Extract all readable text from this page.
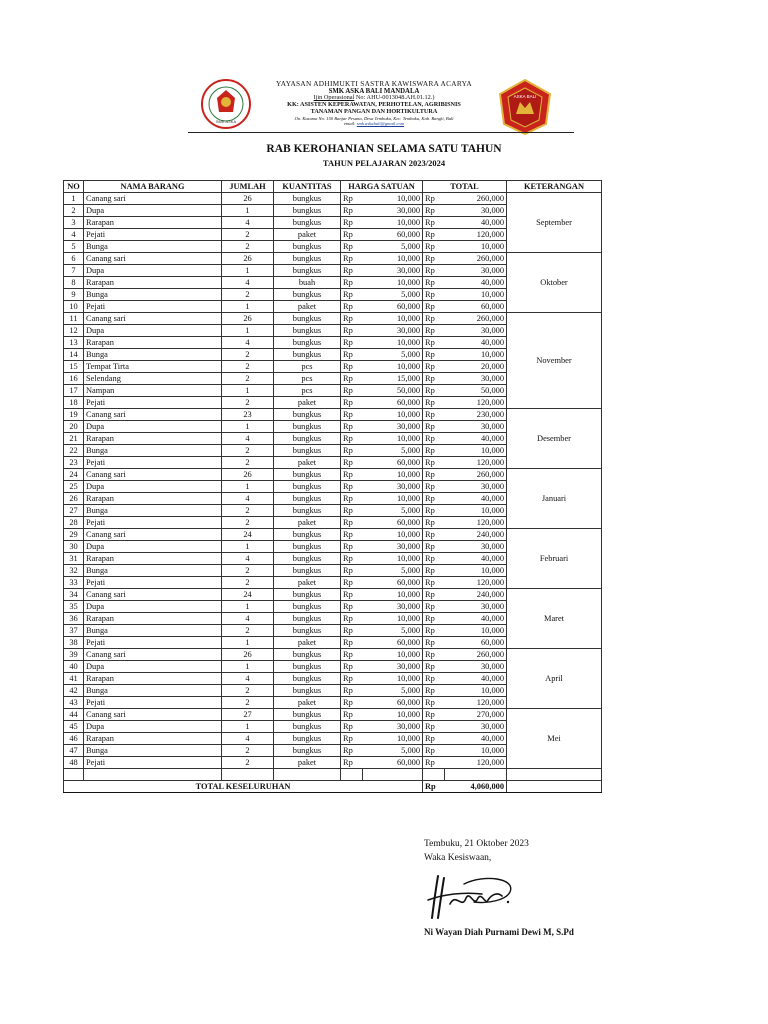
SMK ASKA
ASKA BALI
YAYASAN ADHIMUKTI SASTRA KAWISWARA ACARYA
SMK ASKA BALI MANDALA
Ijin Operasional No: AHU-0013048.AH.01.12.)
KK: ASISTEN KEPERAWATAN, PERHOTELAN, AGRIBISNIS
TANAMAN PANGAN DAN HORTIKULTURA
Jln. Kusuma No. 150 Banjar Pesana, Desa Tembuku, Kec. Tembuku, Kab. Bangli, Bali
email: smk.askabali@gmail.com
RAB KEROHANIAN SELAMA SATU TAHUN
TAHUN PELAJARAN 2023/2024
NO	NAMA BARANG	JUMLAH	KUANTITAS	HARGA SATUAN		TOTAL		KETERANGAN
1	Canang sari	26	bungkus	Rp	10,000	Rp	260,000	September
2	Dupa	1	bungkus	Rp	30,000	Rp	30,000	
3	Rarapan	4	bungkus	Rp	10,000	Rp	40,000	
4	Pejati	2	paket	Rp	60,000	Rp	120,000	
5	Bunga	2	bungkus	Rp	5,000	Rp	10,000	
6	Canang sari	26	bungkus	Rp	10,000	Rp	260,000	Oktober
7	Dupa	1	bungkus	Rp	30,000	Rp	30,000	
8	Rarapan	4	buah	Rp	10,000	Rp	40,000	
9	Bunga	2	bungkus	Rp	5,000	Rp	10,000	
10	Pejati	1	paket	Rp	60,000	Rp	60,000	
11	Canang sari	26	bungkus	Rp	10,000	Rp	260,000	November
12	Dupa	1	bungkus	Rp	30,000	Rp	30,000	
13	Rarapan	4	bungkus	Rp	10,000	Rp	40,000	
14	Bunga	2	bungkus	Rp	5,000	Rp	10,000	
15	Tempat Tirta	2	pcs	Rp	10,000	Rp	20,000	
16	Selendang	2	pcs	Rp	15,000	Rp	30,000	
17	Nampan	1	pcs	Rp	50,000	Rp	50,000	
18	Pejati	2	paket	Rp	60,000	Rp	120,000	
19	Canang sari	23	bungkus	Rp	10,000	Rp	230,000	Desember
20	Dupa	1	bungkus	Rp	30,000	Rp	30,000	
21	Rarapan	4	bungkus	Rp	10,000	Rp	40,000	
22	Bunga	2	bungkus	Rp	5,000	Rp	10,000	
23	Pejati	2	paket	Rp	60,000	Rp	120,000	
24	Canang sari	26	bungkus	Rp	10,000	Rp	260,000	Januari
25	Dupa	1	bungkus	Rp	30,000	Rp	30,000	
26	Rarapan	4	bungkus	Rp	10,000	Rp	40,000	
27	Bunga	2	bungkus	Rp	5,000	Rp	10,000	
28	Pejati	2	paket	Rp	60,000	Rp	120,000	
29	Canang sari	24	bungkus	Rp	10,000	Rp	240,000	Februari
30	Dupa	1	bungkus	Rp	30,000	Rp	30,000	
31	Rarapan	4	bungkus	Rp	10,000	Rp	40,000	
32	Bunga	2	bungkus	Rp	5,000	Rp	10,000	
33	Pejati	2	paket	Rp	60,000	Rp	120,000	
34	Canang sari	24	bungkus	Rp	10,000	Rp	240,000	Maret
35	Dupa	1	bungkus	Rp	30,000	Rp	30,000	
36	Rarapan	4	bungkus	Rp	10,000	Rp	40,000	
37	Bunga	2	bungkus	Rp	5,000	Rp	10,000	
38	Pejati	1	paket	Rp	60,000	Rp	60,000	
39	Canang sari	26	bungkus	Rp	10,000	Rp	260,000	April
40	Dupa	1	bungkus	Rp	30,000	Rp	30,000	
41	Rarapan	4	bungkus	Rp	10,000	Rp	40,000	
42	Bunga	2	bungkus	Rp	5,000	Rp	10,000	
43	Pejati	2	paket	Rp	60,000	Rp	120,000	
44	Canang sari	27	bungkus	Rp	10,000	Rp	270,000	Mei
45	Dupa	1	bungkus	Rp	30,000	Rp	30,000	
46	Rarapan	4	bungkus	Rp	10,000	Rp	40,000	
47	Bunga	2	bungkus	Rp	5,000	Rp	10,000	
48	Pejati	2	paket	Rp	60,000	Rp	120,000	

TOTAL KESELURUHAN						Rp	4,060,000	
Tembuku, 21 Oktober 2023
Waka Kesiswaan,
Ni Wayan Diah Purnami Dewi M, S.Pd
